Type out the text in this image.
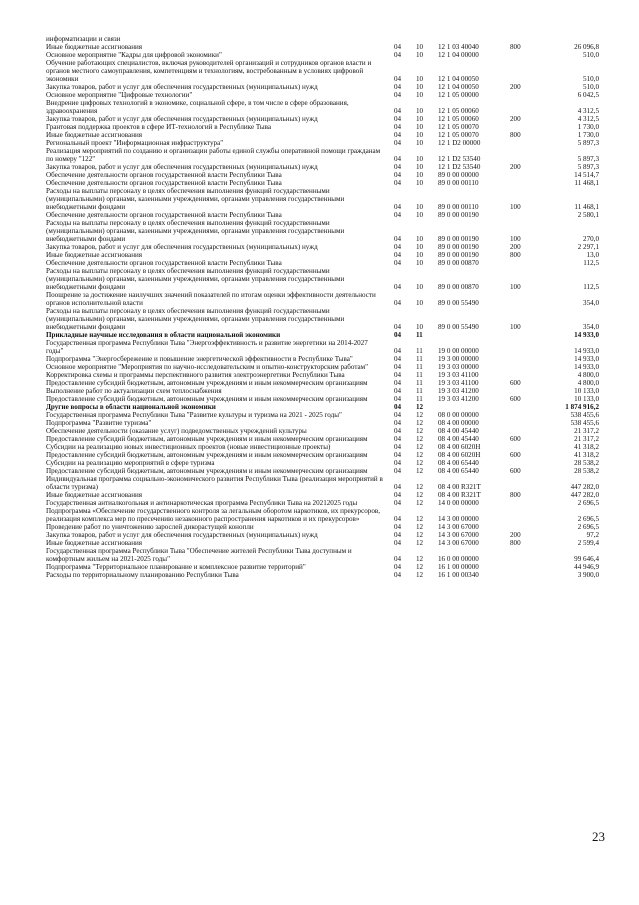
информатизации и связи					
Иные бюджетные ассигнования	04	10	12 1 03 40040	800	26 096,8
Основное мероприятие "Кадры для цифровой экономики"	04	10	12 1 04 00000		510,0
Обучение работающих специалистов, включая руководителей организаций и сотрудников органов власти и органов местного самоуправления, компетенциям и технологиям, востребованным в условиях цифровой экономики	04	10	12 1 04 00050		510,0
Закупка товаров, работ и услуг для обеспечения государственных (муниципальных) нужд	04	10	12 1 04 00050	200	510,0
Основное мероприятие "Цифровые технологии"	04	10	12 1 05 00000		6 042,5
Внедрение цифровых технологий в экономике, социальной сфере, в том числе в сфере образования, здравоохранения	04	10	12 1 05 00060		4 312,5
Закупка товаров, работ и услуг для обеспечения государственных (муниципальных) нужд	04	10	12 1 05 00060	200	4 312,5
Грантовая поддержка проектов в сфере ИТ-технологий в Республике Тыва	04	10	12 1 05 00070		1 730,0
Иные бюджетные ассигнования	04	10	12 1 05 00070	800	1 730,0
Региональный проект "Информационная инфраструктура"	04	10	12 1 D2 00000		5 897,3
Реализация мероприятий по созданию и организации работы единой службы оперативной помощи гражданам по номеру "122"	04	10	12 1 D2 53540		5 897,3
Закупка товаров, работ и услуг для обеспечения государственных (муниципальных) нужд	04	10	12 1 D2 53540	200	5 897,3
Обеспечение деятельности органов государственной власти Республики Тыва	04	10	89 0 00 00000		14 514,7
Обеспечение деятельности органов государственной власти Республики Тыва	04	10	89 0 00 00110		11 468,1
Расходы на выплаты персоналу в целях обеспечения выполнения функций государственными (муниципальными) органами, казенными учреждениями, органами управления государственными внебюджетными фондами	04	10	89 0 00 00110	100	11 468,1
Обеспечение деятельности органов государственной власти Республики Тыва	04	10	89 0 00 00190		2 580,1
Расходы на выплаты персоналу в целях обеспечения выполнения функций государственными (муниципальными) органами, казенными учреждениями, органами управления государственными внебюджетными фондами	04	10	89 0 00 00190	100	270,0
Закупка товаров, работ и услуг для обеспечения государственных (муниципальных) нужд	04	10	89 0 00 00190	200	2 297,1
Иные бюджетные ассигнования	04	10	89 0 00 00190	800	13,0
Обеспечение деятельности органов государственной власти Республики Тыва	04	10	89 0 00 00870		112,5
Расходы на выплаты персоналу в целях обеспечения выполнения функций государственными (муниципальными) органами, казенными учреждениями, органами управления государственными внебюджетными фондами	04	10	89 0 00 00870	100	112,5
Поощрение за достижение наилучших значений показателей по итогам оценки эффективности деятельности органов исполнительной власти	04	10	89 0 00 55490		354,0
Расходы на выплаты персоналу в целях обеспечения выполнения функций государственными (муниципальными) органами, казенными учреждениями, органами управления государственными внебюджетными фондами	04	10	89 0 00 55490	100	354,0
Прикладные научные исследования в области национальной экономики	04	11			14 933,0
Государственная программа Республики Тыва "Энергоэффективность и развитие энергетики на 2014-2027 годы"	04	11	19 0 00 00000		14 933,0
Подпрограмма "Энергосбережение и повышение энергетической эффективности в Республике Тыва"	04	11	19 3 00 00000		14 933,0
Основное мероприятие "Мероприятия по научно-исследовательским и опытно-конструкторским работам"	04	11	19 3 03 00000		14 933,0
Корректировка схемы и программы перспективного развития электроэнергетики Республики Тыва	04	11	19 3 03 41100		4 800,0
Предоставление субсидий бюджетным, автономным учреждениям и иным некоммерческим организациям	04	11	19 3 03 41100	600	4 800,0
Выполнение работ по актуализации схем теплоснабжения	04	11	19 3 03 41200		10 133,0
Предоставление субсидий бюджетным, автономным учреждениям и иным некоммерческим организациям	04	11	19 3 03 41200	600	10 133,0
Другие вопросы в области национальной экономики	04	12			1 874 916,2
Государственная программа Республики Тыва "Развитие культуры и туризма на 2021 - 2025 годы"	04	12	08 0 00 00000		538 455,6
Подпрограмма "Развитие туризма"	04	12	08 4 00 00000		538 455,6
Обеспечение деятельности (оказание услуг) подведомственных учреждений культуры	04	12	08 4 00 45440		21 317,2
Предоставление субсидий бюджетным, автономным учреждениям и иным некоммерческим организациям	04	12	08 4 00 45440	600	21 317,2
Субсидии на реализацию новых инвестиционных проектов (новые инвестиционные проекты)	04	12	08 4 00 6020Н		41 318,2
Предоставление субсидий бюджетным, автономным учреждениям и иным некоммерческим организациям	04	12	08 4 00 6020Н	600	41 318,2
Субсидии на реализацию мероприятий в сфере туризма	04	12	08 4 00 65440		28 538,2
Предоставление субсидий бюджетным, автономным учреждениям и иным некоммерческим организациям	04	12	08 4 00 65440	600	28 538,2
Индивидуальная программа социально-экономического развития Республики Тыва (реализация мероприятий в области туризма)	04	12	08 4 00 R321Т		447 282,0
Иные бюджетные ассигнования	04	12	08 4 00 R321Т	800	447 282,0
Государственная антиалкогольная и антинаркотическая программа Республики Тыва на 20212025 годы	04	12	14 0 00 00000		2 696,5
Подпрограмма «Обеспечение государственного контроля за легальным оборотом наркотиков, их прекурсоров, реализация комплекса мер по пресечению незаконного распространения наркотиков и их прекурсоров»	04	12	14 3 00 00000		2 696,5
Проведение работ по уничтожению зарослей дикорастущей конопли	04	12	14 3 00 67000		2 696,5
Закупка товаров, работ и услуг для обеспечения государственных (муниципальных) нужд	04	12	14 3 00 67000	200	97,2
Иные бюджетные ассигнования	04	12	14 3 00 67000	800	2 599,4
Государственная программа Республики Тыва "Обеспечение жителей Республики Тыва доступным и комфортным жильем на 2021-2025 годы"	04	12	16 0 00 00000		99 646,4
Подпрограмма "Территориальное планирование и комплексное развитие территорий"	04	12	16 1 00 00000		44 946,9
Расходы по территориальному планированию Республики Тыва	04	12	16 1 00 00340		3 900,0
23
